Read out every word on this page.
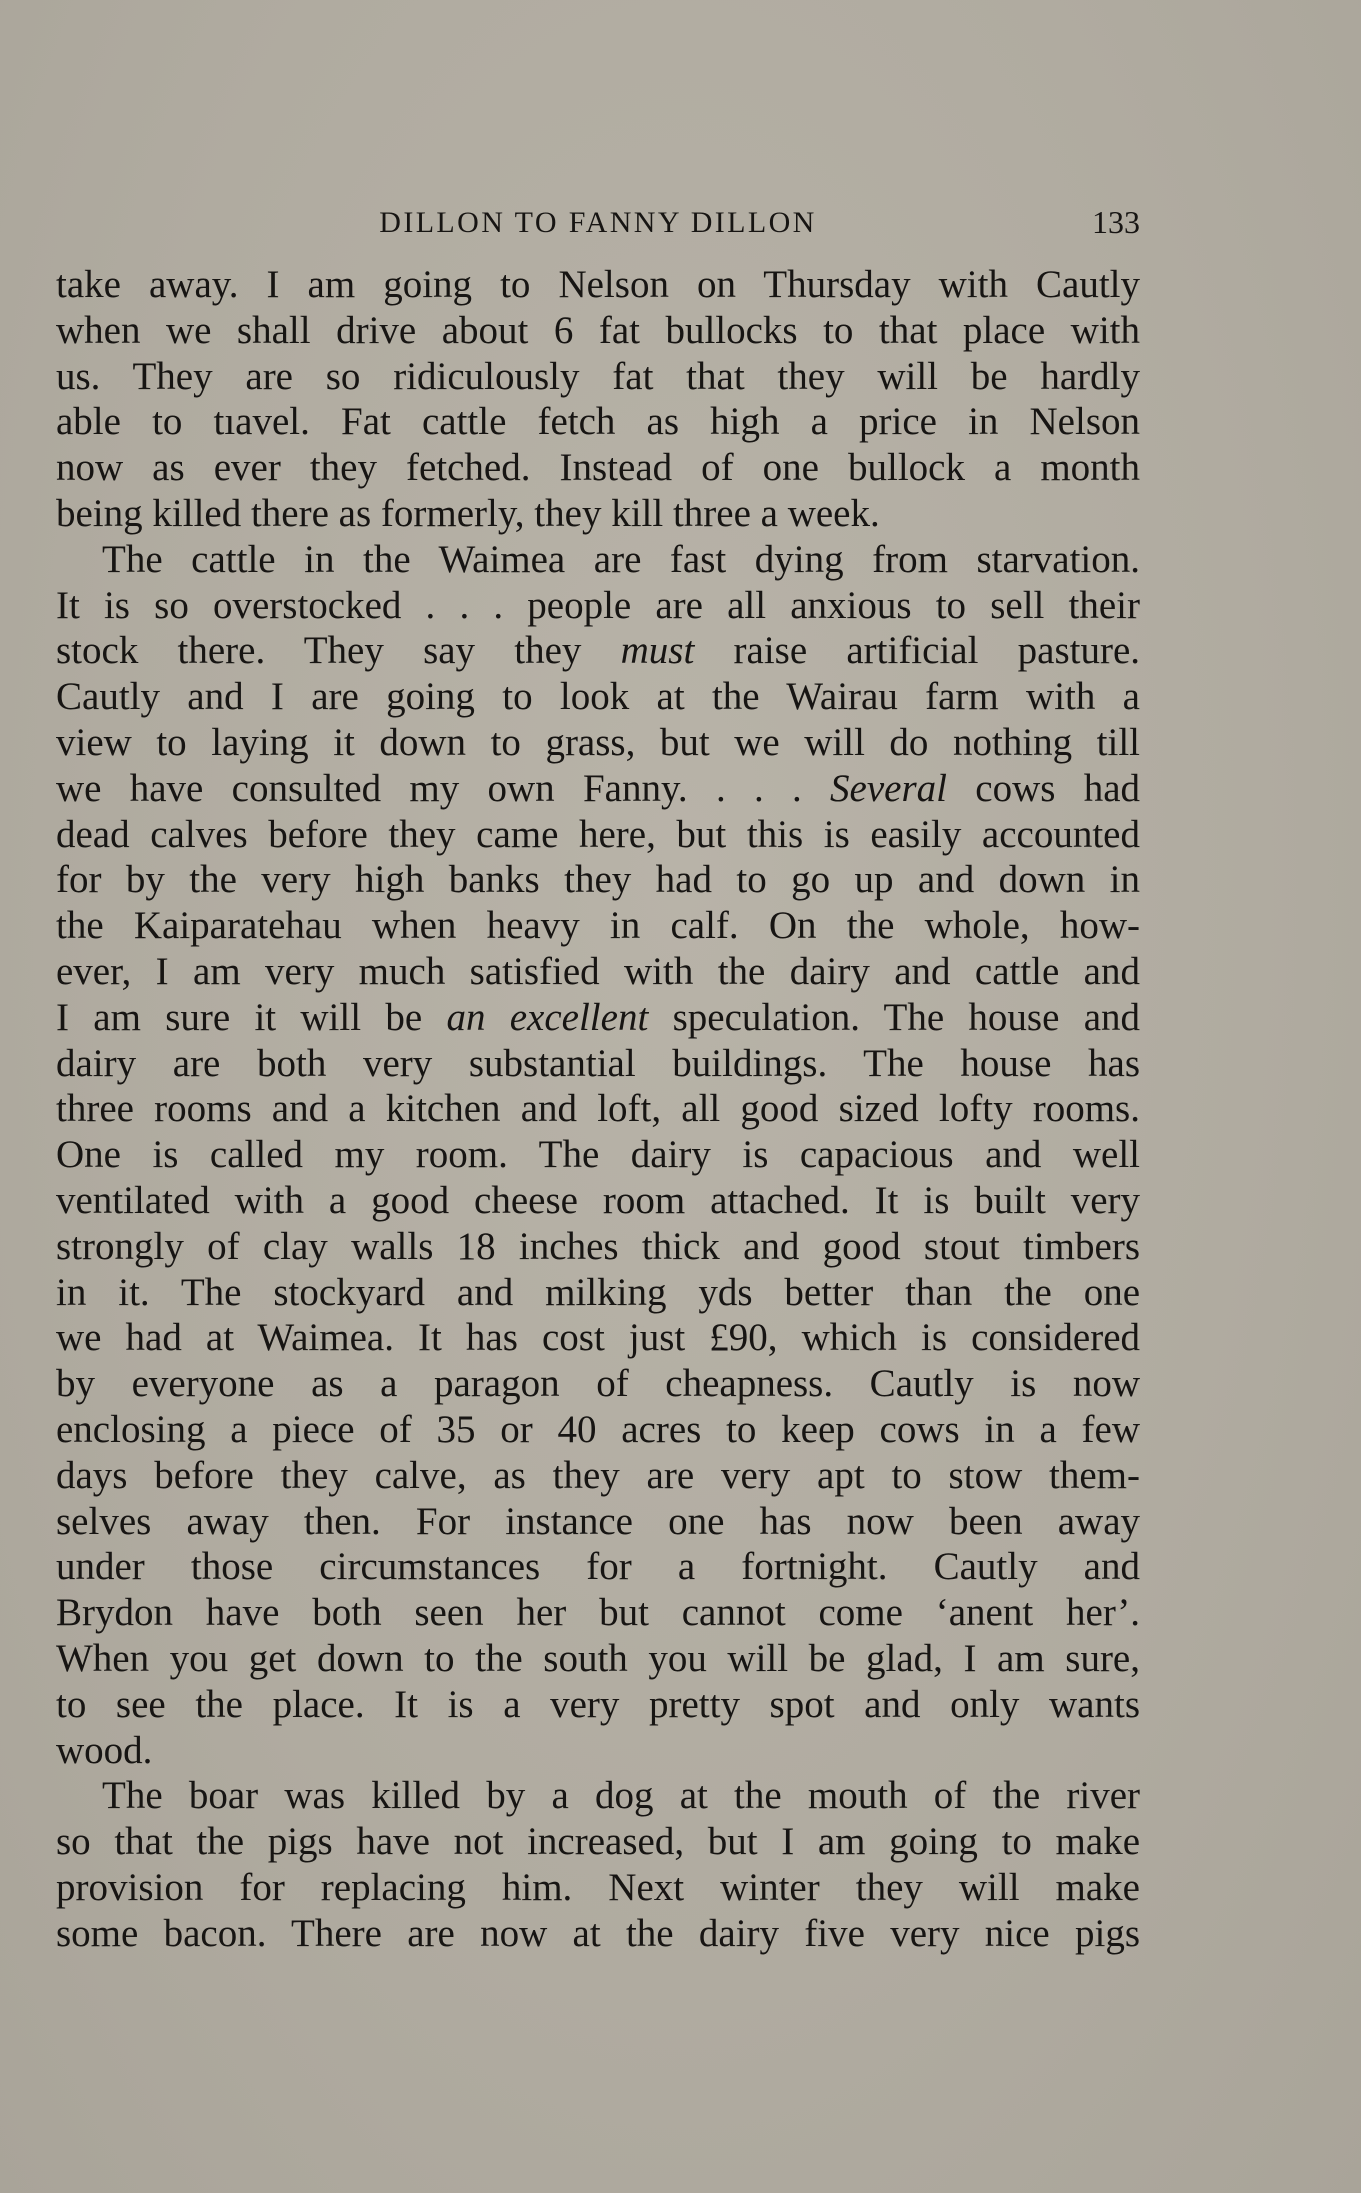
DILLON TO FANNY DILLON	133
take away. I am going to Nelson on Thursday with Cautly
when we shall drive about 6 fat bullocks to that place with
us. They are so ridiculously fat that they will be hardly
able to tıavel. Fat cattle fetch as high a price in Nelson
now as ever they fetched. Instead of one bullock a month
being killed there as formerly, they kill three a week.
The cattle in the Waimea are fast dying from starvation.
It is so overstocked . . . people are all anxious to sell their
stock there. They say they must raise artificial pasture.
Cautly and I are going to look at the Wairau farm with a
view to laying it down to grass, but we will do nothing till
we have consulted my own Fanny. . . . Several cows had
dead calves before they came here, but this is easily accounted
for by the very high banks they had to go up and down in
the Kaiparatehau when heavy in calf. On the whole, how-
ever, I am very much satisfied with the dairy and cattle and
I am sure it will be an excellent speculation. The house and
dairy are both very substantial buildings. The house has
three rooms and a kitchen and loft, all good sized lofty rooms.
One is called my room. The dairy is capacious and well
ventilated with a good cheese room attached. It is built very
strongly of clay walls 18 inches thick and good stout timbers
in it. The stockyard and milking yds better than the one
we had at Waimea. It has cost just £90, which is considered
by everyone as a paragon of cheapness. Cautly is now
enclosing a piece of 35 or 40 acres to keep cows in a few
days before they calve, as they are very apt to stow them-
selves away then. For instance one has now been away
under those circumstances for a fortnight. Cautly and
Brydon have both seen her but cannot come ‘anent her’.
When you get down to the south you will be glad, I am sure,
to see the place. It is a very pretty spot and only wants
wood.
The boar was killed by a dog at the mouth of the river
so that the pigs have not increased, but I am going to make
provision for replacing him. Next winter they will make
some bacon. There are now at the dairy five very nice pigs
